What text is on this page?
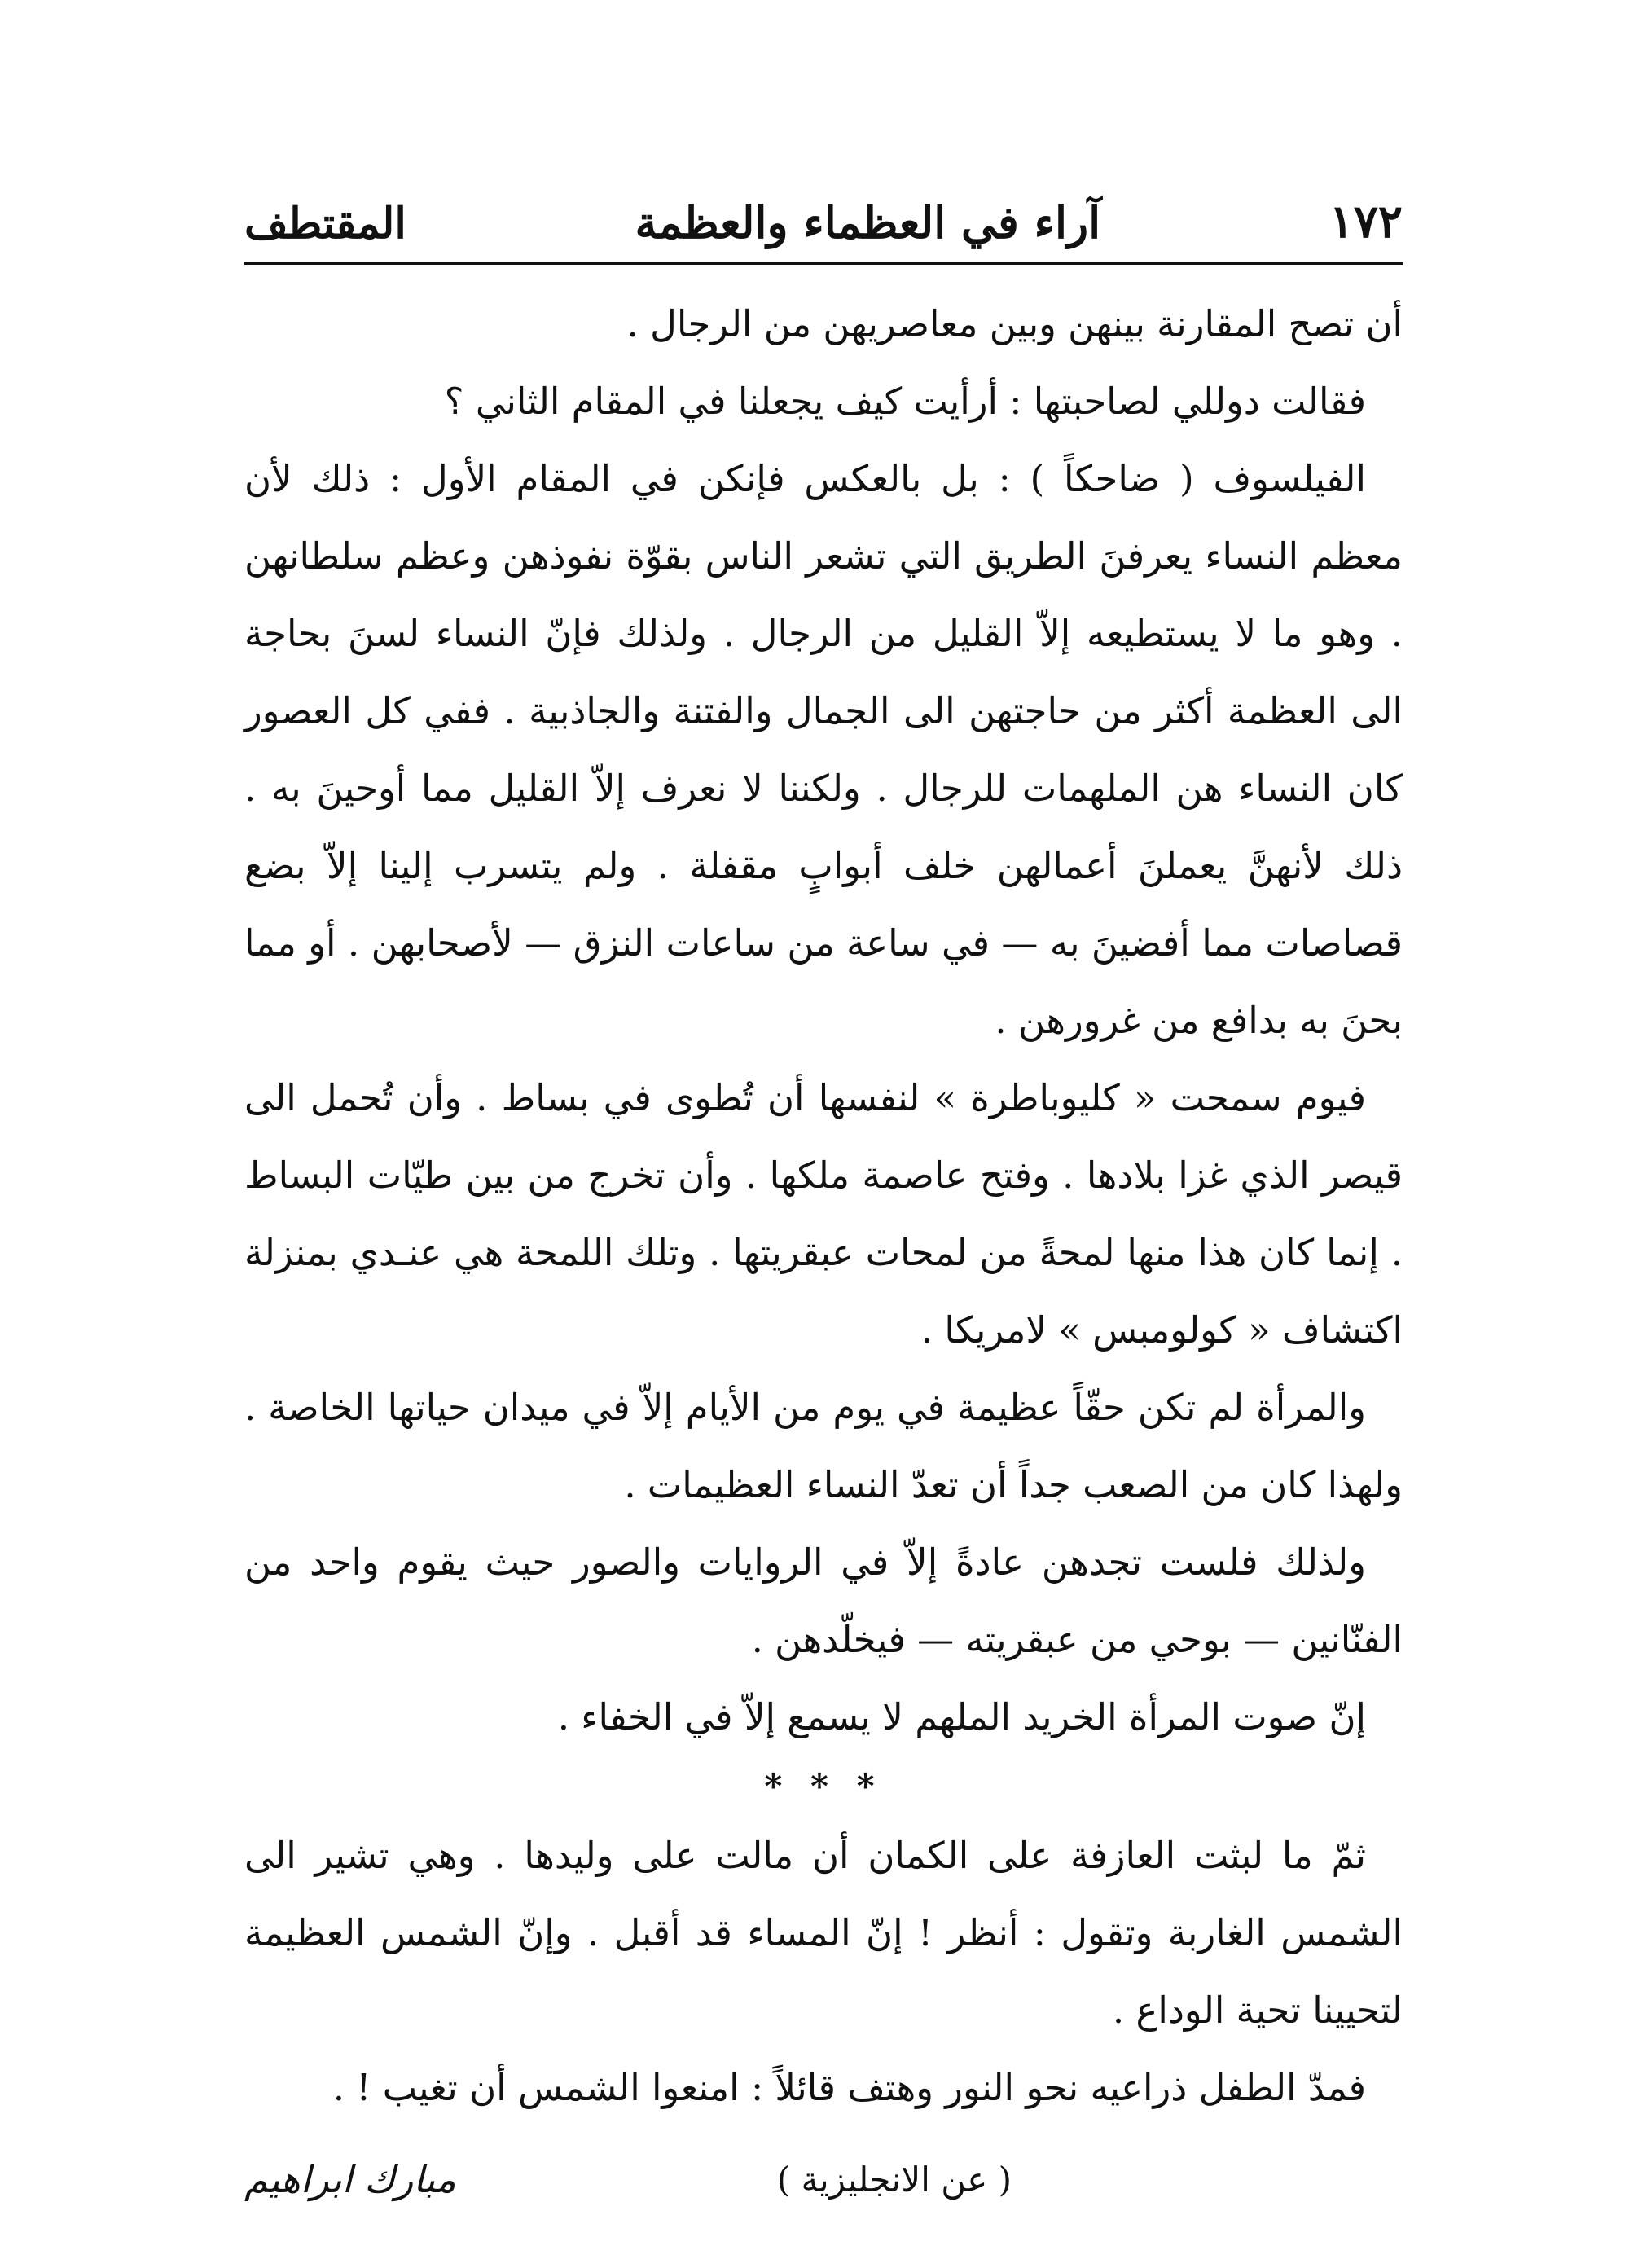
١٧٢
آراء في العظماء والعظمة
المقتطف

أن تصح المقارنة بينهن وبين معاصريهن من الرجال .

فقالت دوللي لصاحبتها : أرأيت كيف يجعلنا في المقام الثاني ؟

الفيلسوف ( ضاحكاً ) : بل بالعكس فإنكن في المقام الأول : ذلك لأن معظم النساء يعرفنَ الطريق التي تشعر الناس بقوّة نفوذهن وعظم سلطانهن . وهو ما لا يستطيعه إلاّ القليل من الرجال . ولذلك فإنّ النساء لسنَ بحاجة الى العظمة أكثر من حاجتهن الى الجمال والفتنة والجاذبية . ففي كل العصور كان النساء هن الملهمات للرجال . ولكننا لا نعرف إلاّ القليل مما أوحينَ به . ذلك لأنهنَّ يعملنَ أعمالهن خلف أبوابٍ مقفلة . ولم يتسرب إلينا إلاّ بضع قصاصات مما أفضينَ به — في ساعة من ساعات النزق — لأصحابهن . أو مما بحنَ به بدافع من غرورهن .

فيوم سمحت « كليوباطرة » لنفسها أن تُطوى في بساط . وأن تُحمل الى قيصر الذي غزا بلادها . وفتح عاصمة ملكها . وأن تخرج من بين طيّات البساط . إنما كان هذا منها لمحةً من لمحات عبقريتها . وتلك اللمحة هي عنـدي بمنزلة اكتشاف « كولومبس » لامريكا .

والمرأة لم تكن حقّاً عظيمة في يوم من الأيام إلاّ في ميدان حياتها الخاصة . ولهذا كان من الصعب جداً أن تعدّ النساء العظيمات .

ولذلك فلست تجدهن عادةً إلاّ في الروايات والصور حيث يقوم واحد من الفنّانين — بوحي من عبقريته — فيخلّدهن .

إنّ صوت المرأة الخريد الملهم لا يسمع إلاّ في الخفاء .

* * *

ثمّ ما لبثت العازفة على الكمان أن مالت على وليدها . وهي تشير الى الشمس الغاربة وتقول : أنظر ! إنّ المساء قد أقبل . وإنّ الشمس العظيمة لتحيينا تحية الوداع .

فمدّ الطفل ذراعيه نحو النور وهتف قائلاً : امنعوا الشمس أن تغيب ! .

( عن الانجليزية )
مبارك ابراهيم
